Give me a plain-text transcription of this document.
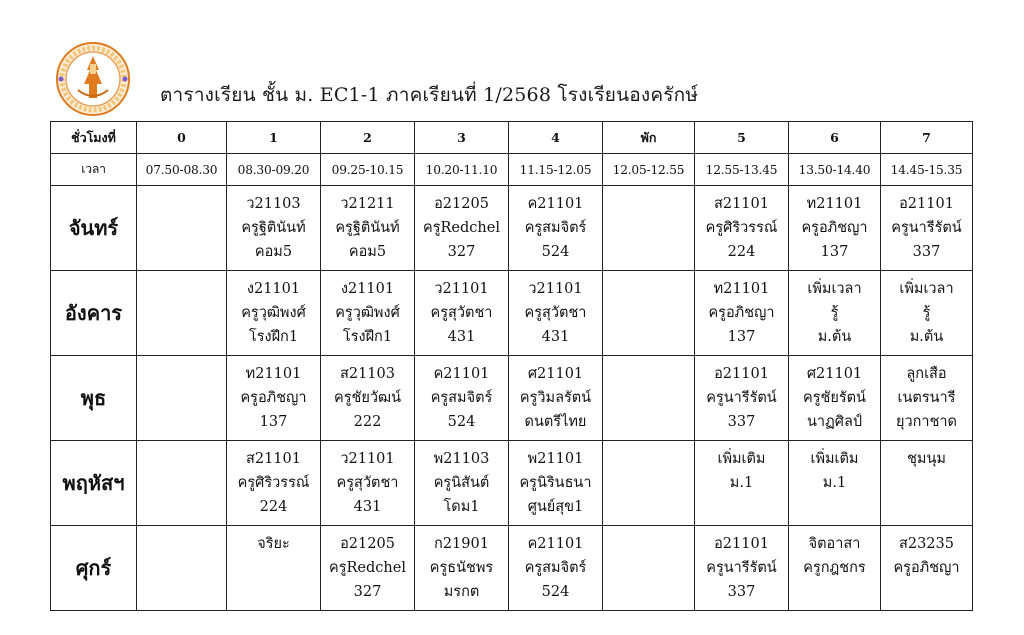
ตารางเรียน ชั้น ม. EC1-1 ภาคเรียนที่ 1/2568 โรงเรียนองครักษ์
ชั่วโมงที่	0	1	2	3	4	พัก	5	6	7
เวลา	07.50-08.30	08.30-09.20	09.25-10.15	10.20-11.10	11.15-12.05	12.05-12.55	12.55-13.45	13.50-14.40	14.45-15.35
จันทร์		ว21103
ครูฐิตินันท์
คอม5	ว21211
ครูฐิตินันท์
คอม5	อ21205
ครูRedchel
327	ค21101
ครูสมจิตร์
524		ส21101
ครูศิริวรรณ์
224	ท21101
ครูอภิชญา
137	อ21101
ครูนารีรัตน์
337

อังคาร		ง21101
ครูวุฒิพงศ์
โรงฝึก1	ง21101
ครูวุฒิพงศ์
โรงฝึก1	ว21101
ครูสุวัตชา
431	ว21101
ครูสุวัตชา
431		ท21101
ครูอภิชญา
137	เพิ่มเวลา
รู้
ม.ต้น	เพิ่มเวลา
รู้
ม.ต้น

พุธ		ท21101
ครูอภิชญา
137	ส21103
ครูชัยวัฒน์
222	ค21101
ครูสมจิตร์
524	ศ21101
ครูวิมลรัตน์
ดนตรีไทย		อ21101
ครูนารีรัตน์
337	ศ21101
ครูชัยรัตน์
นาฏศิลป์	ลูกเสือ
เนตรนารี
ยุวกาชาด

พฤหัสฯ		ส21101
ครูศิริวรรณ์
224	ว21101
ครูสุวัตชา
431	พ21103
ครูนิสันต์
โดม1	พ21101
ครูนิรินธนา
ศูนย์สุข1		เพิ่มเติม
ม.1	เพิ่มเติม
ม.1	ชุมนุม

ศุกร์		จริยะ	อ21205
ครูRedchel
327	ก21901
ครูธนัชพร
มรกต	ค21101
ครูสมจิตร์
524		อ21101
ครูนารีรัตน์
337	จิตอาสา
ครูกฎชกร	ส23235
ครูอภิชญา
